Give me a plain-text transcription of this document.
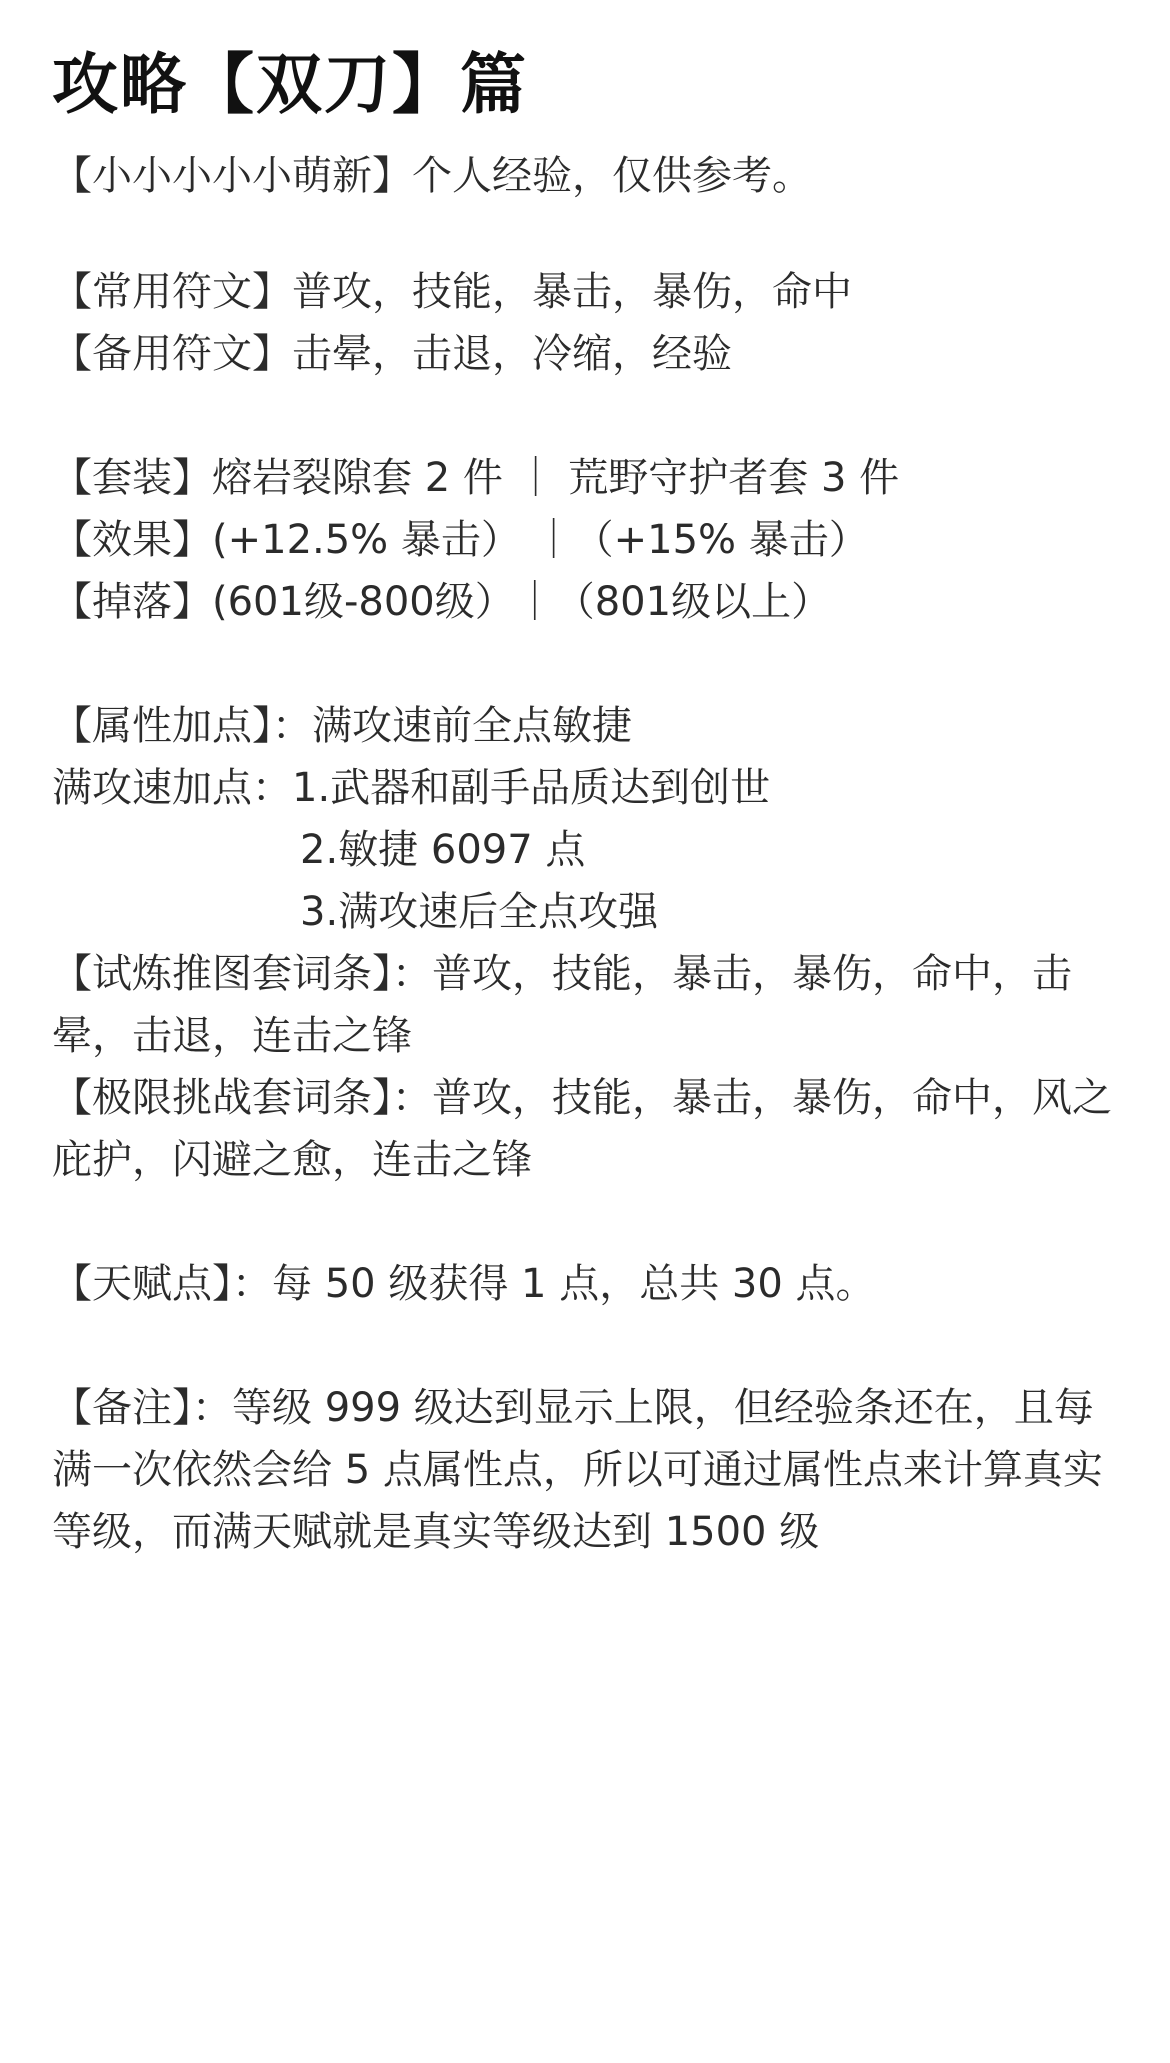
攻略【双刀】篇
【小小小小小萌新】个人经验，仅供参考。
【常用符文】普攻，技能，暴击，暴伤，命中
【备用符文】击晕，击退，冷缩，经验
【套装】熔岩裂隙套 2 件 ｜ 荒野守护者套 3 件
【效果】(+12.5% 暴击） ｜（+15% 暴击）
【掉落】(601级-800级）｜（801级以上）
【属性加点】：满攻速前全点敏捷
满攻速加点：1.武器和副手品质达到创世
2.敏捷 6097 点
3.满攻速后全点攻强
【试炼推图套词条】：普攻，技能，暴击，暴伤，命中，击晕，击退，连击之锋
【极限挑战套词条】：普攻，技能，暴击，暴伤，命中，风之庇护，闪避之愈，连击之锋
【天赋点】：每 50 级获得 1 点，总共 30 点。
【备注】：等级 999 级达到显示上限，但经验条还在，且每满一次依然会给 5 点属性点，所以可通过属性点来计算真实等级，而满天赋就是真实等级达到 1500 级
